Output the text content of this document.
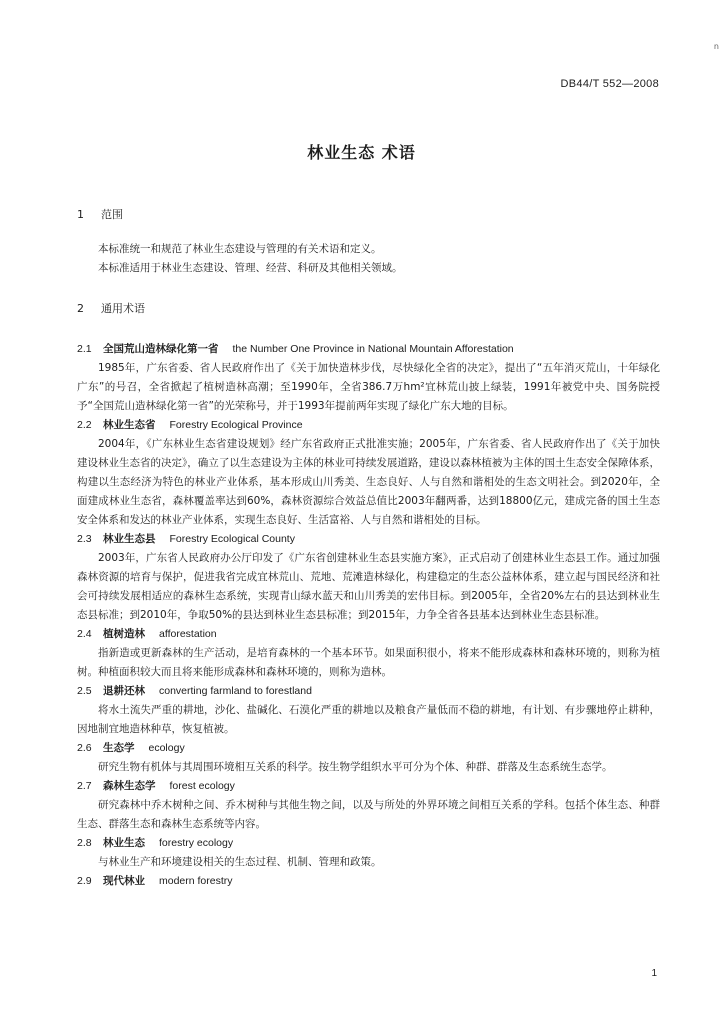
n
DB44/T 552—2008
林业生态 术语
1 范围

本标准统一和规范了林业生态建设与管理的有关术语和定义。

本标准适用于林业生态建设、管理、经营、科研及其他相关领域。

2 通用术语

2.1 全国荒山造林绿化第一省 the Number One Province in National Mountain Afforestation

1985年，广东省委、省人民政府作出了《关于加快造林步伐，尽快绿化全省的决定》，提出了“五年消灭荒山，十年绿化广东”的号召，全省掀起了植树造林高潮；至1990年，全省386.7万hm²宜林荒山披上绿装，1991年被党中央、国务院授予“全国荒山造林绿化第一省”的光荣称号，并于1993年提前两年实现了绿化广东大地的目标。

2.2 林业生态省 Forestry Ecological Province

2004年，《广东林业生态省建设规划》经广东省政府正式批准实施；2005年，广东省委、省人民政府作出了《关于加快建设林业生态省的决定》，确立了以生态建设为主体的林业可持续发展道路，建设以森林植被为主体的国土生态安全保障体系，构建以生态经济为特色的林业产业体系，基本形成山川秀美、生态良好、人与自然和谐相处的生态文明社会。到2020年，全面建成林业生态省，森林覆盖率达到60%，森林资源综合效益总值比2003年翻两番，达到18800亿元，建成完备的国土生态安全体系和发达的林业产业体系，实现生态良好、生活富裕、人与自然和谐相处的目标。

2.3 林业生态县 Forestry Ecological County

2003年，广东省人民政府办公厅印发了《广东省创建林业生态县实施方案》，正式启动了创建林业生态县工作。通过加强森林资源的培育与保护，促进我省完成宜林荒山、荒地、荒滩造林绿化，构建稳定的生态公益林体系，建立起与国民经济和社会可持续发展相适应的森林生态系统，实现青山绿水蓝天和山川秀美的宏伟目标。到2005年，全省20%左右的县达到林业生态县标准；到2010年，争取50%的县达到林业生态县标准；到2015年，力争全省各县基本达到林业生态县标准。

2.4 植树造林 afforestation

指新造或更新森林的生产活动，是培育森林的一个基本环节。如果面积很小，将来不能形成森林和森林环境的，则称为植树。种植面积较大而且将来能形成森林和森林环境的，则称为造林。

2.5 退耕还林 converting farmland to forestland

将水土流失严重的耕地，沙化、盐碱化、石漠化严重的耕地以及粮食产量低而不稳的耕地，有计划、有步骤地停止耕种，因地制宜地造林种草，恢复植被。

2.6 生态学 ecology

研究生物有机体与其周围环境相互关系的科学。按生物学组织水平可分为个体、种群、群落及生态系统生态学。

2.7 森林生态学 forest ecology

研究森林中乔木树种之间、乔木树种与其他生物之间，以及与所处的外界环境之间相互关系的学科。包括个体生态、种群生态、群落生态和森林生态系统等内容。

2.8 林业生态 forestry ecology

与林业生产和环境建设相关的生态过程、机制、管理和政策。

2.9 现代林业 modern forestry

1
